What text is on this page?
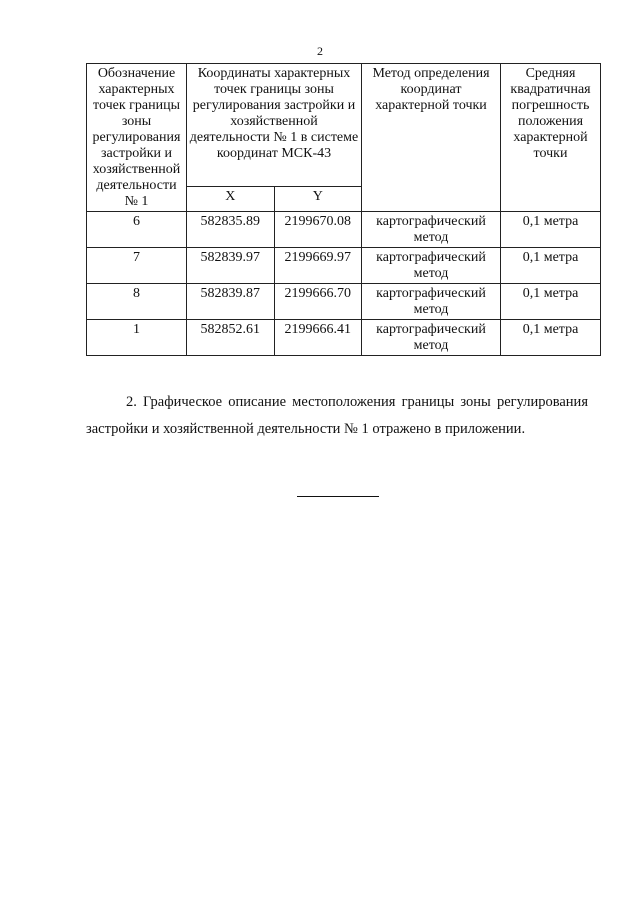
2
Обозначение характерных точек границы зоны регулирования застройки и хозяйственной деятельности № 1	Координаты характерных точек границы зоны регулирования застройки и хозяйственной деятельности № 1 в системе координат МСК-43		Метод определения координат характерной точки	Средняя квадратичная погрешность положения характерной точки
	X	Y		
6	582835.89	2199670.08	картографический метод	0,1 метра
7	582839.97	2199669.97	картографический метод	0,1 метра
8	582839.87	2199666.70	картографический метод	0,1 метра
1	582852.61	2199666.41	картографический метод	0,1 метра

2. Графическое описание местоположения границы зоны регулирования застройки и хозяйственной деятельности № 1 отражено в приложении.
